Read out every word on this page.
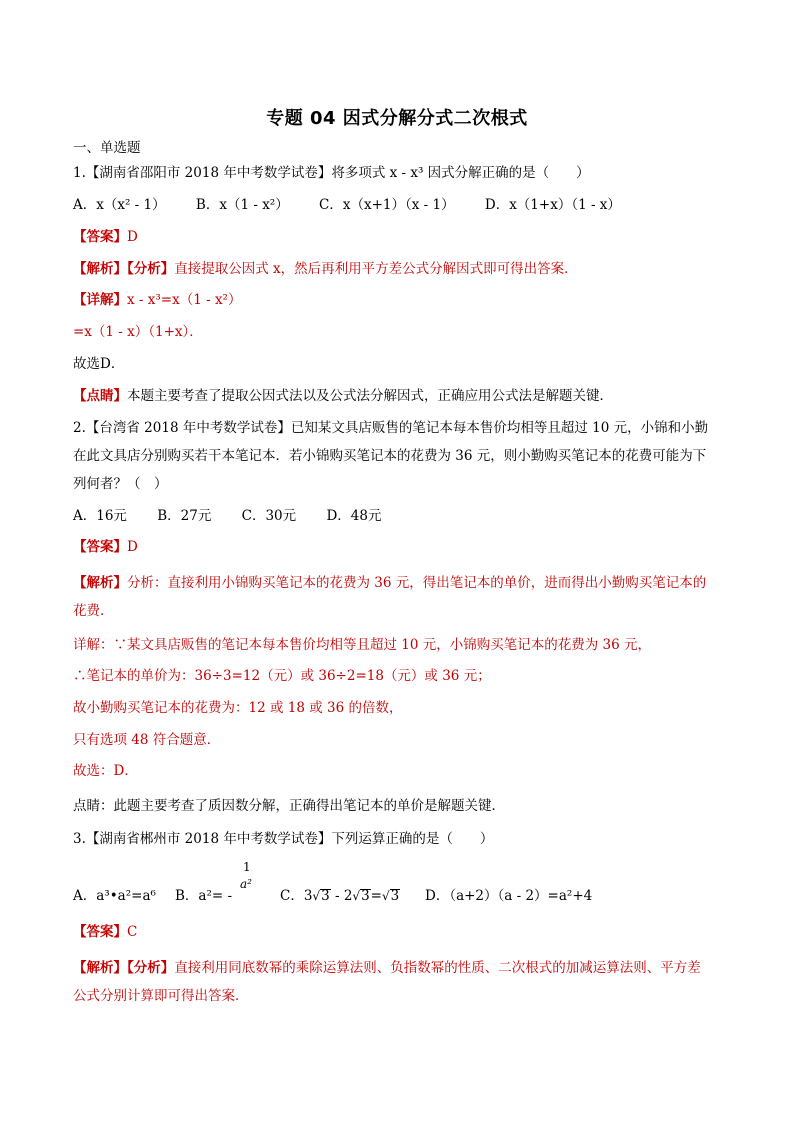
专题 04 因式分解分式二次根式
一、单选题
1.【湖南省邵阳市 2018 年中考数学试卷】将多项式 x - x³ 因式分解正确的是（　　）
A．x（x² - 1） B．x（1 - x²） C．x（x+1）（x - 1） D．x（1+x）（1 - x）
【答案】D
【解析】【分析】直接提取公因式 x，然后再利用平方差公式分解因式即可得出答案．
【详解】x - x³=x（1 - x²）
=x（1 - x）（1+x）．
故选D．
【点睛】本题主要考查了提取公因式法以及公式法分解因式，正确应用公式法是解题关键．
2.【台湾省 2018 年中考数学试卷】已知某文具店贩售的笔记本每本售价均相等且超过 10 元，小锦和小勤
在此文具店分别购买若干本笔记本．若小锦购买笔记本的花费为 36 元，则小勤购买笔记本的花费可能为下
列何者？（　）
A．16元 B．27元 C．30元 D．48元
【答案】D
【解析】分析：直接利用小锦购买笔记本的花费为 36 元，得出笔记本的单价，进而得出小勤购买笔记本的
花费．
详解：∵某文具店贩售的笔记本每本售价均相等且超过 10 元，小锦购买笔记本的花费为 36 元，
∴笔记本的单价为：36÷3=12（元）或 36÷2=18（元）或 36 元；
故小勤购买笔记本的花费为：12 或 18 或 36 的倍数，
只有选项 48 符合题意．
故选：D．
点睛：此题主要考查了质因数分解，正确得出笔记本的单价是解题关键．
3.【湖南省郴州市 2018 年中考数学试卷】下列运算正确的是（　　）
A．a³•a²=a⁶ B．a²= -
1
a²
C．3√3 - 2√3=√3 D．（a+2）（a - 2）=a²+4
【答案】C
【解析】【分析】直接利用同底数幂的乘除运算法则、负指数幂的性质、二次根式的加减运算法则、平方差
公式分别计算即可得出答案．
